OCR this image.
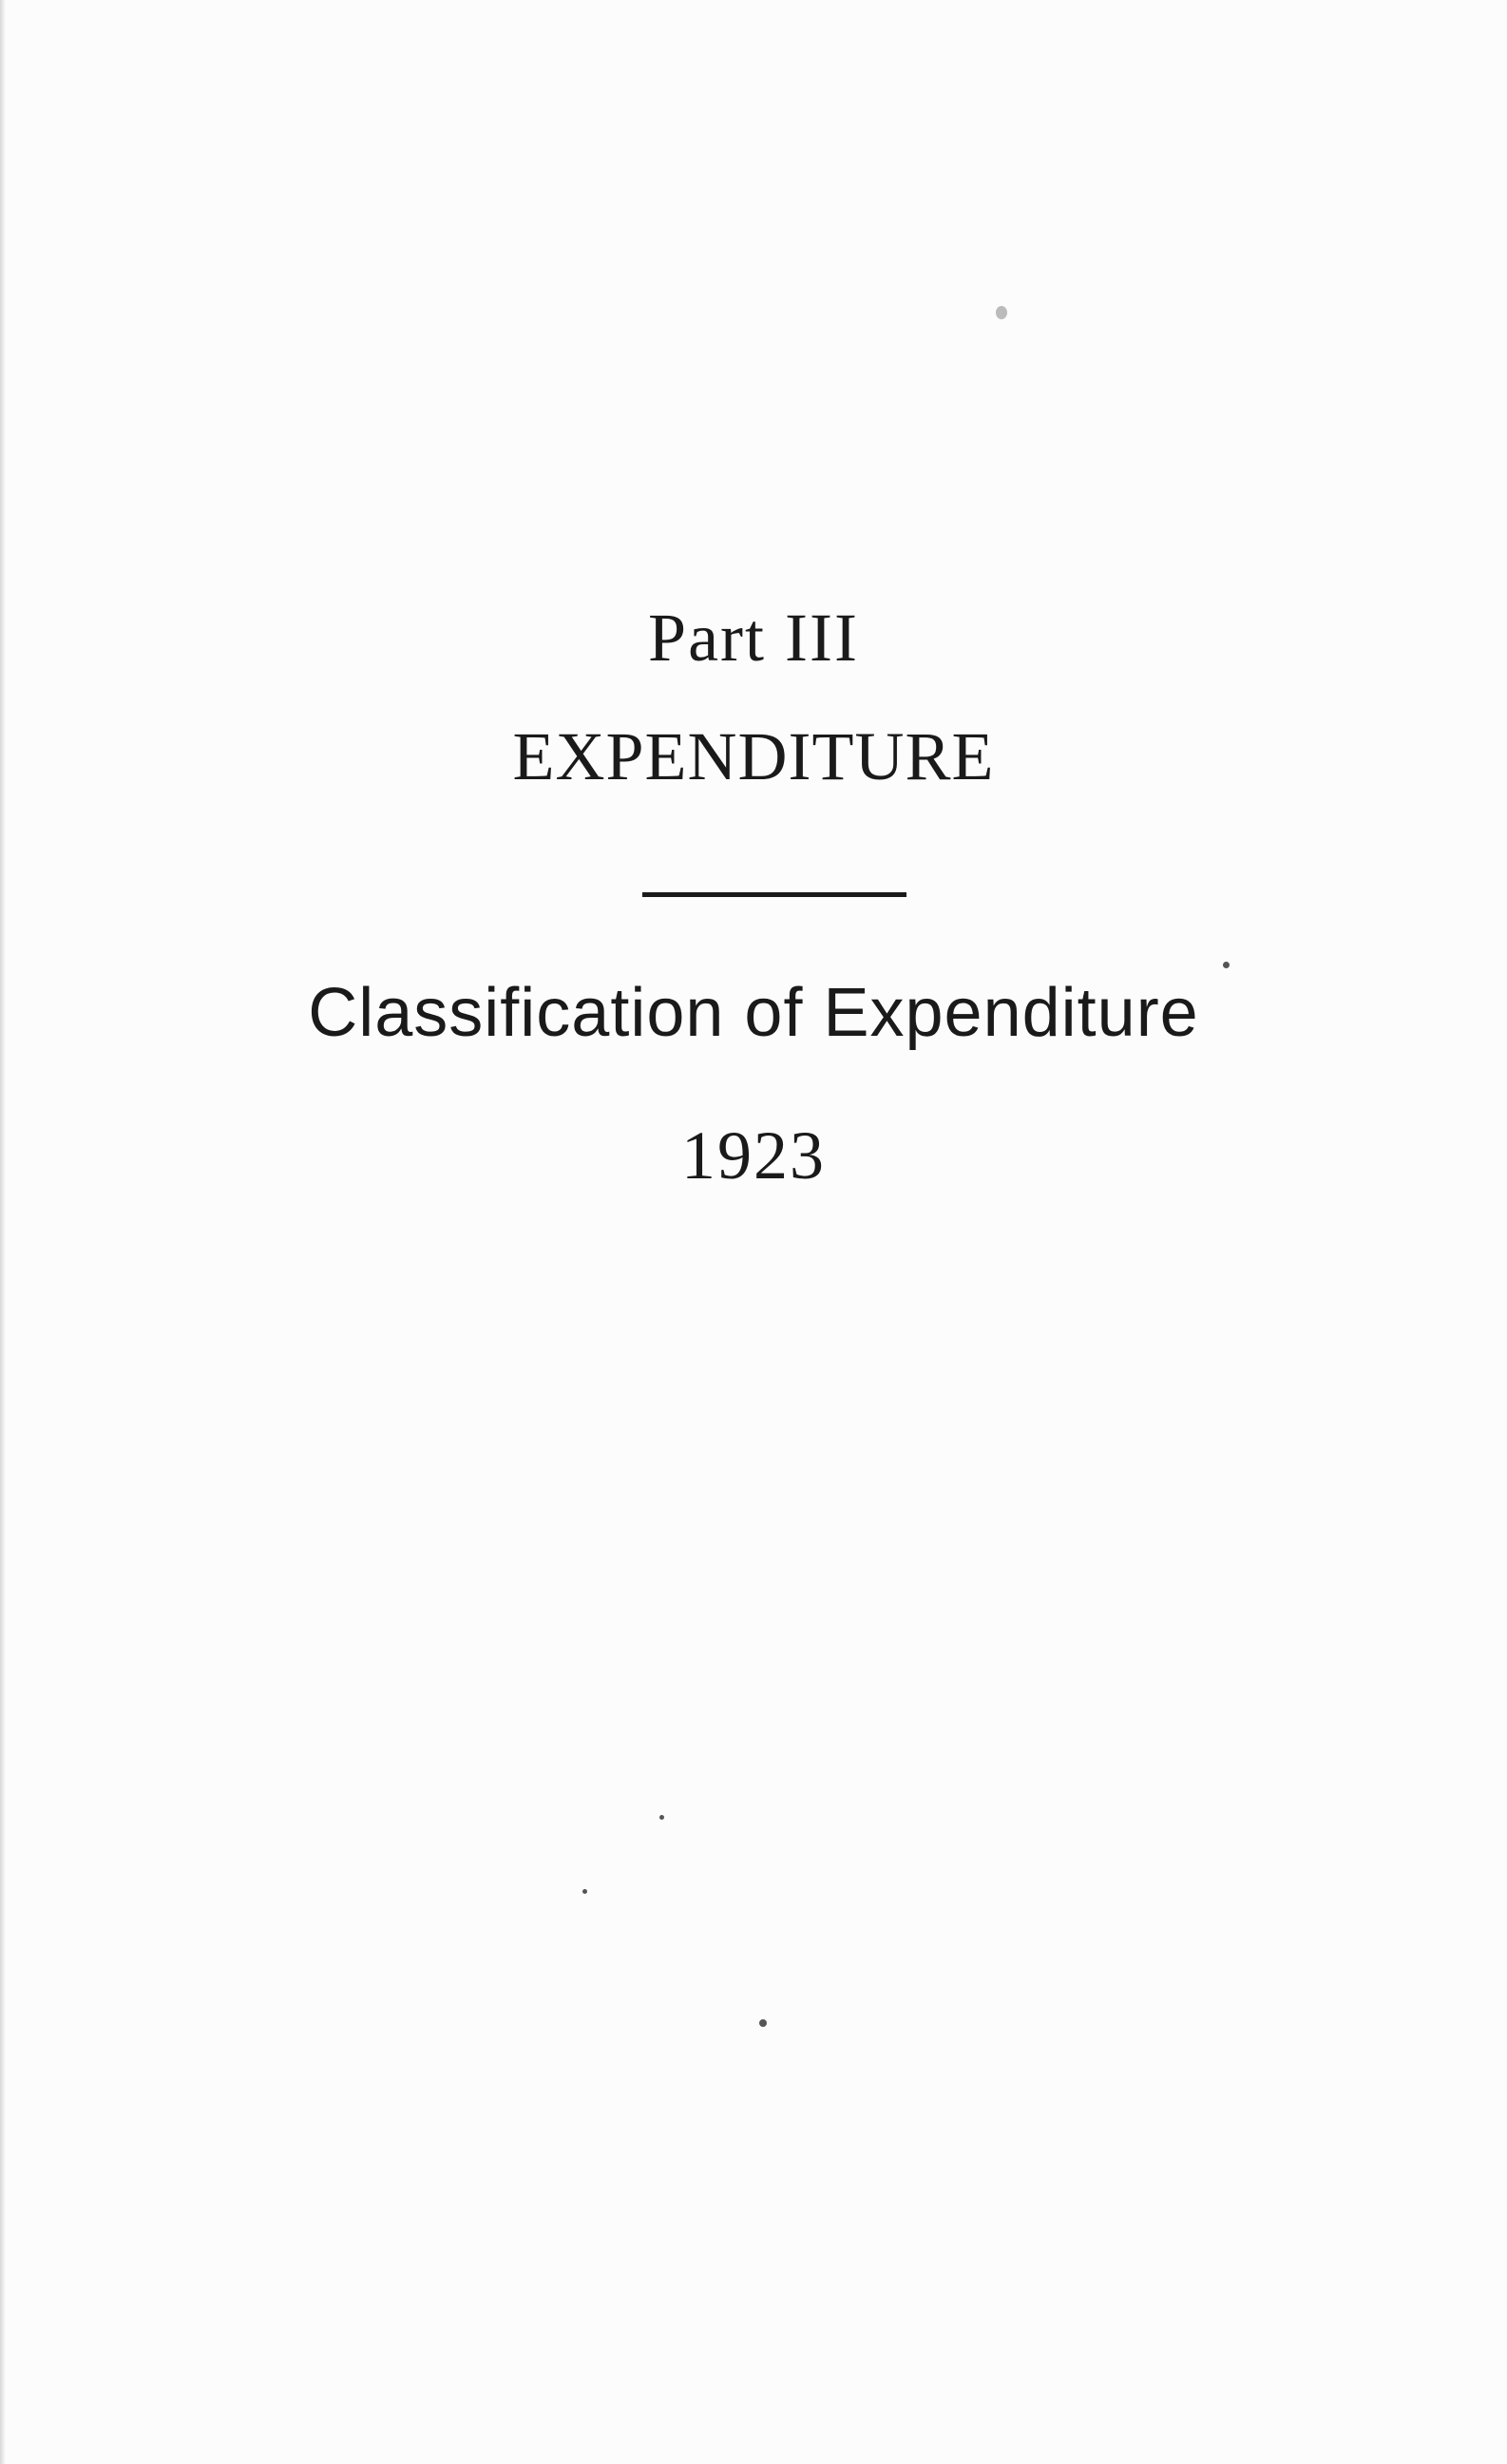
Part III
EXPENDITURE
Classification of Expenditure
1923
